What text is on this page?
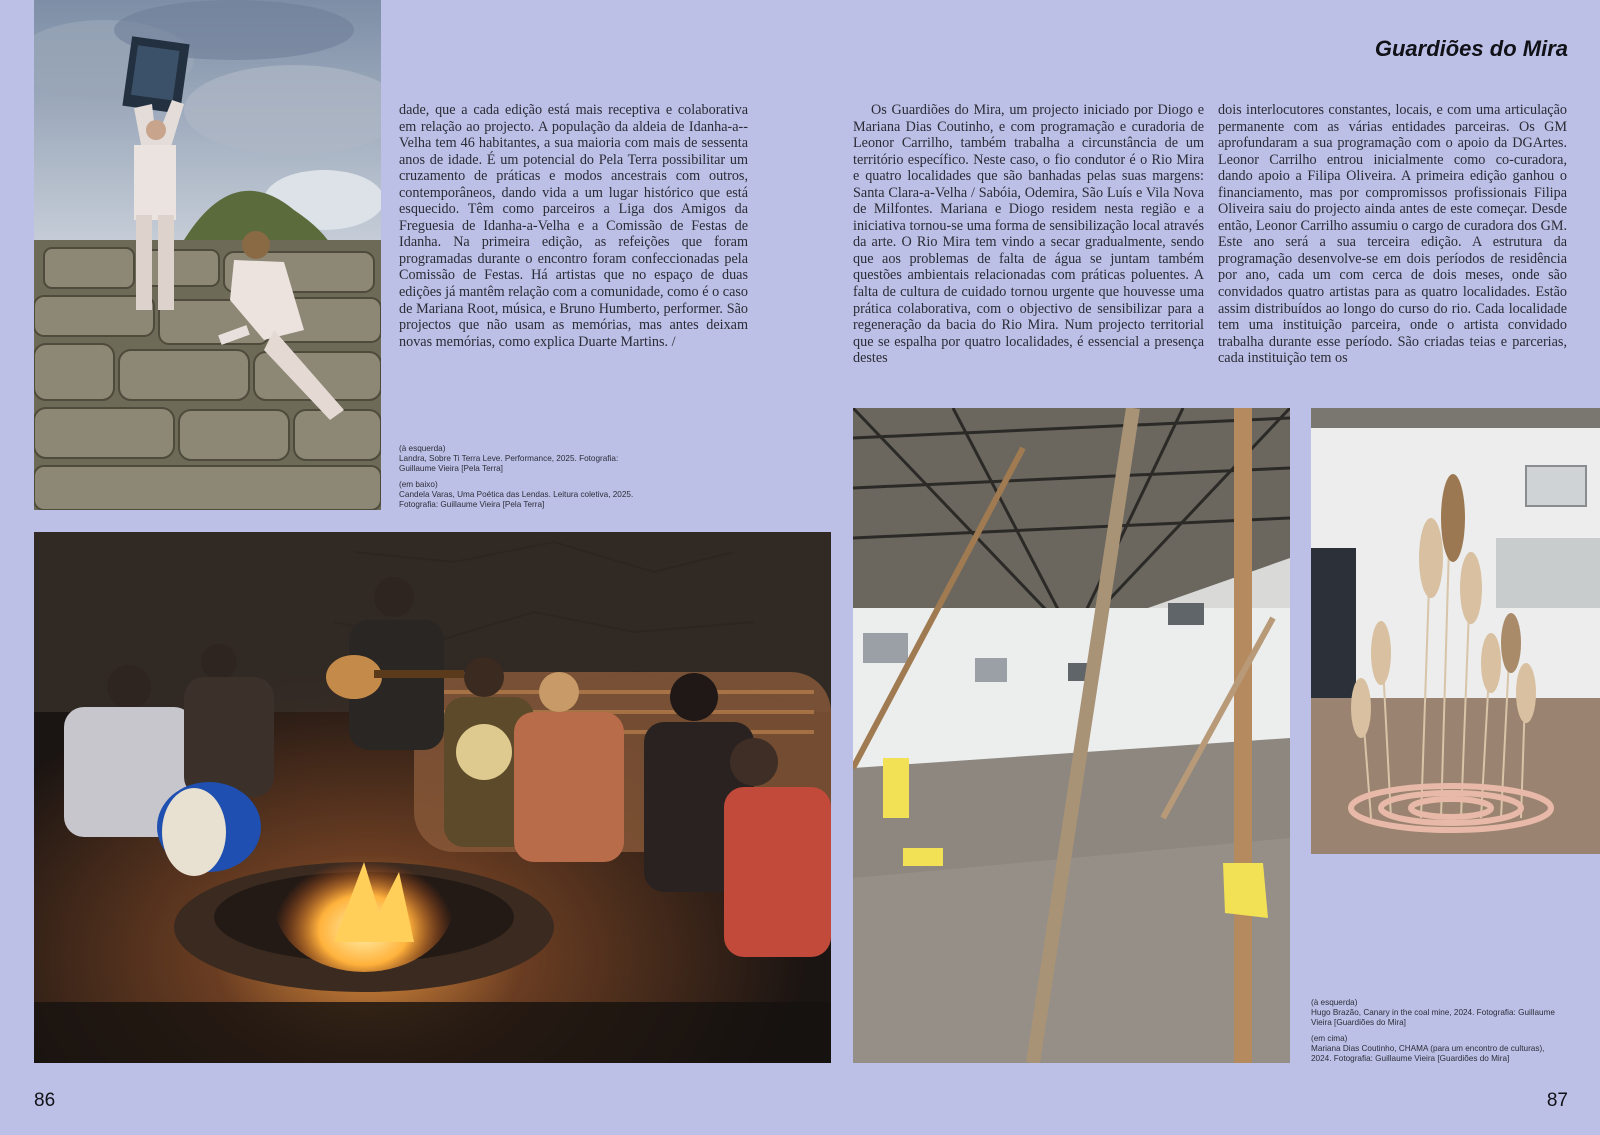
dade, que a cada edição está mais receptiva e colaborativa em relação ao projecto. A população da aldeia de Idanha-a--Velha tem 46 habitantes, a sua maioria com mais de sessenta anos de idade. É um potencial do Pela Terra possibilitar um cruzamento de práticas e modos ancestrais com outros, contemporâneos, dando vida a um lugar histórico que está esquecido. Têm como parceiros a Liga dos Amigos da Freguesia de Idanha-a-Velha e a Comissão de Festas de Idanha. Na primeira edição, as refeições que foram programadas durante o encontro foram confeccionadas pela Comissão de Festas. Há artistas que no espaço de duas edições já mantêm relação com a comunidade, como é o caso de Mariana Root, música, e Bruno Humberto, performer. São projectos que não usam as memórias, mas antes deixam novas memórias, como explica Duarte Martins. /

(à esquerda)
Landra, Sobre Ti Terra Leve. Performance, 2025. Fotografia: Guillaume Vieira [Pela Terra]

(em baixo)
Candela Varas, Uma Poética das Lendas. Leitura coletiva, 2025. Fotografia: Guillaume Vieira [Pela Terra]

86
Guardiões do Mira

Os Guardiões do Mira, um projecto iniciado por Diogo e Mariana Dias Coutinho, e com programação e curadoria de Leonor Carrilho, também trabalha a circunstância de um território específico. Neste caso, o fio condutor é o Rio Mira e quatro localidades que são banhadas pelas suas margens: Santa Clara-a-Velha / Sabóia, Odemira, São Luís e Vila Nova de Milfontes. Mariana e Diogo residem nesta região e a iniciativa tornou-se uma forma de sensibilização local através da arte. O Rio Mira tem vindo a secar gradualmente, sendo que aos problemas de falta de água se juntam também questões ambientais relacionadas com práticas poluentes. A falta de cultura de cuidado tornou urgente que houvesse uma prática colaborativa, com o objectivo de sensibilizar para a regeneração da bacia do Rio Mira. Num projecto territorial que se espalha por quatro localidades, é essencial a presença destes

dois interlocutores constantes, locais, e com uma articulação permanente com as várias entidades parceiras. Os GM aprofundaram a sua programação com o apoio da DGArtes. Leonor Carrilho entrou inicialmente como co-curadora, dando apoio a Filipa Oliveira. A primeira edição ganhou o financiamento, mas por compromissos profissionais Filipa Oliveira saiu do projecto ainda antes de este começar. Desde então, Leonor Carrilho assumiu o cargo de curadora dos GM. Este ano será a sua terceira edição. A estrutura da programação desenvolve-se em dois períodos de residência por ano, cada um com cerca de dois meses, onde são convidados quatro artistas para as quatro localidades. Estão assim distribuídos ao longo do curso do rio. Cada localidade tem uma instituição parceira, onde o artista convidado trabalha durante esse período. São criadas teias e parcerias, cada instituição tem os

(à esquerda)
Hugo Brazão, Canary in the coal mine, 2024. Fotografia: Guillaume Vieira [Guardiões do Mira]

(em cima)
Mariana Dias Coutinho, CHAMA (para um encontro de culturas), 2024. Fotografia: Guillaume Vieira [Guardiões do Mira]

87
